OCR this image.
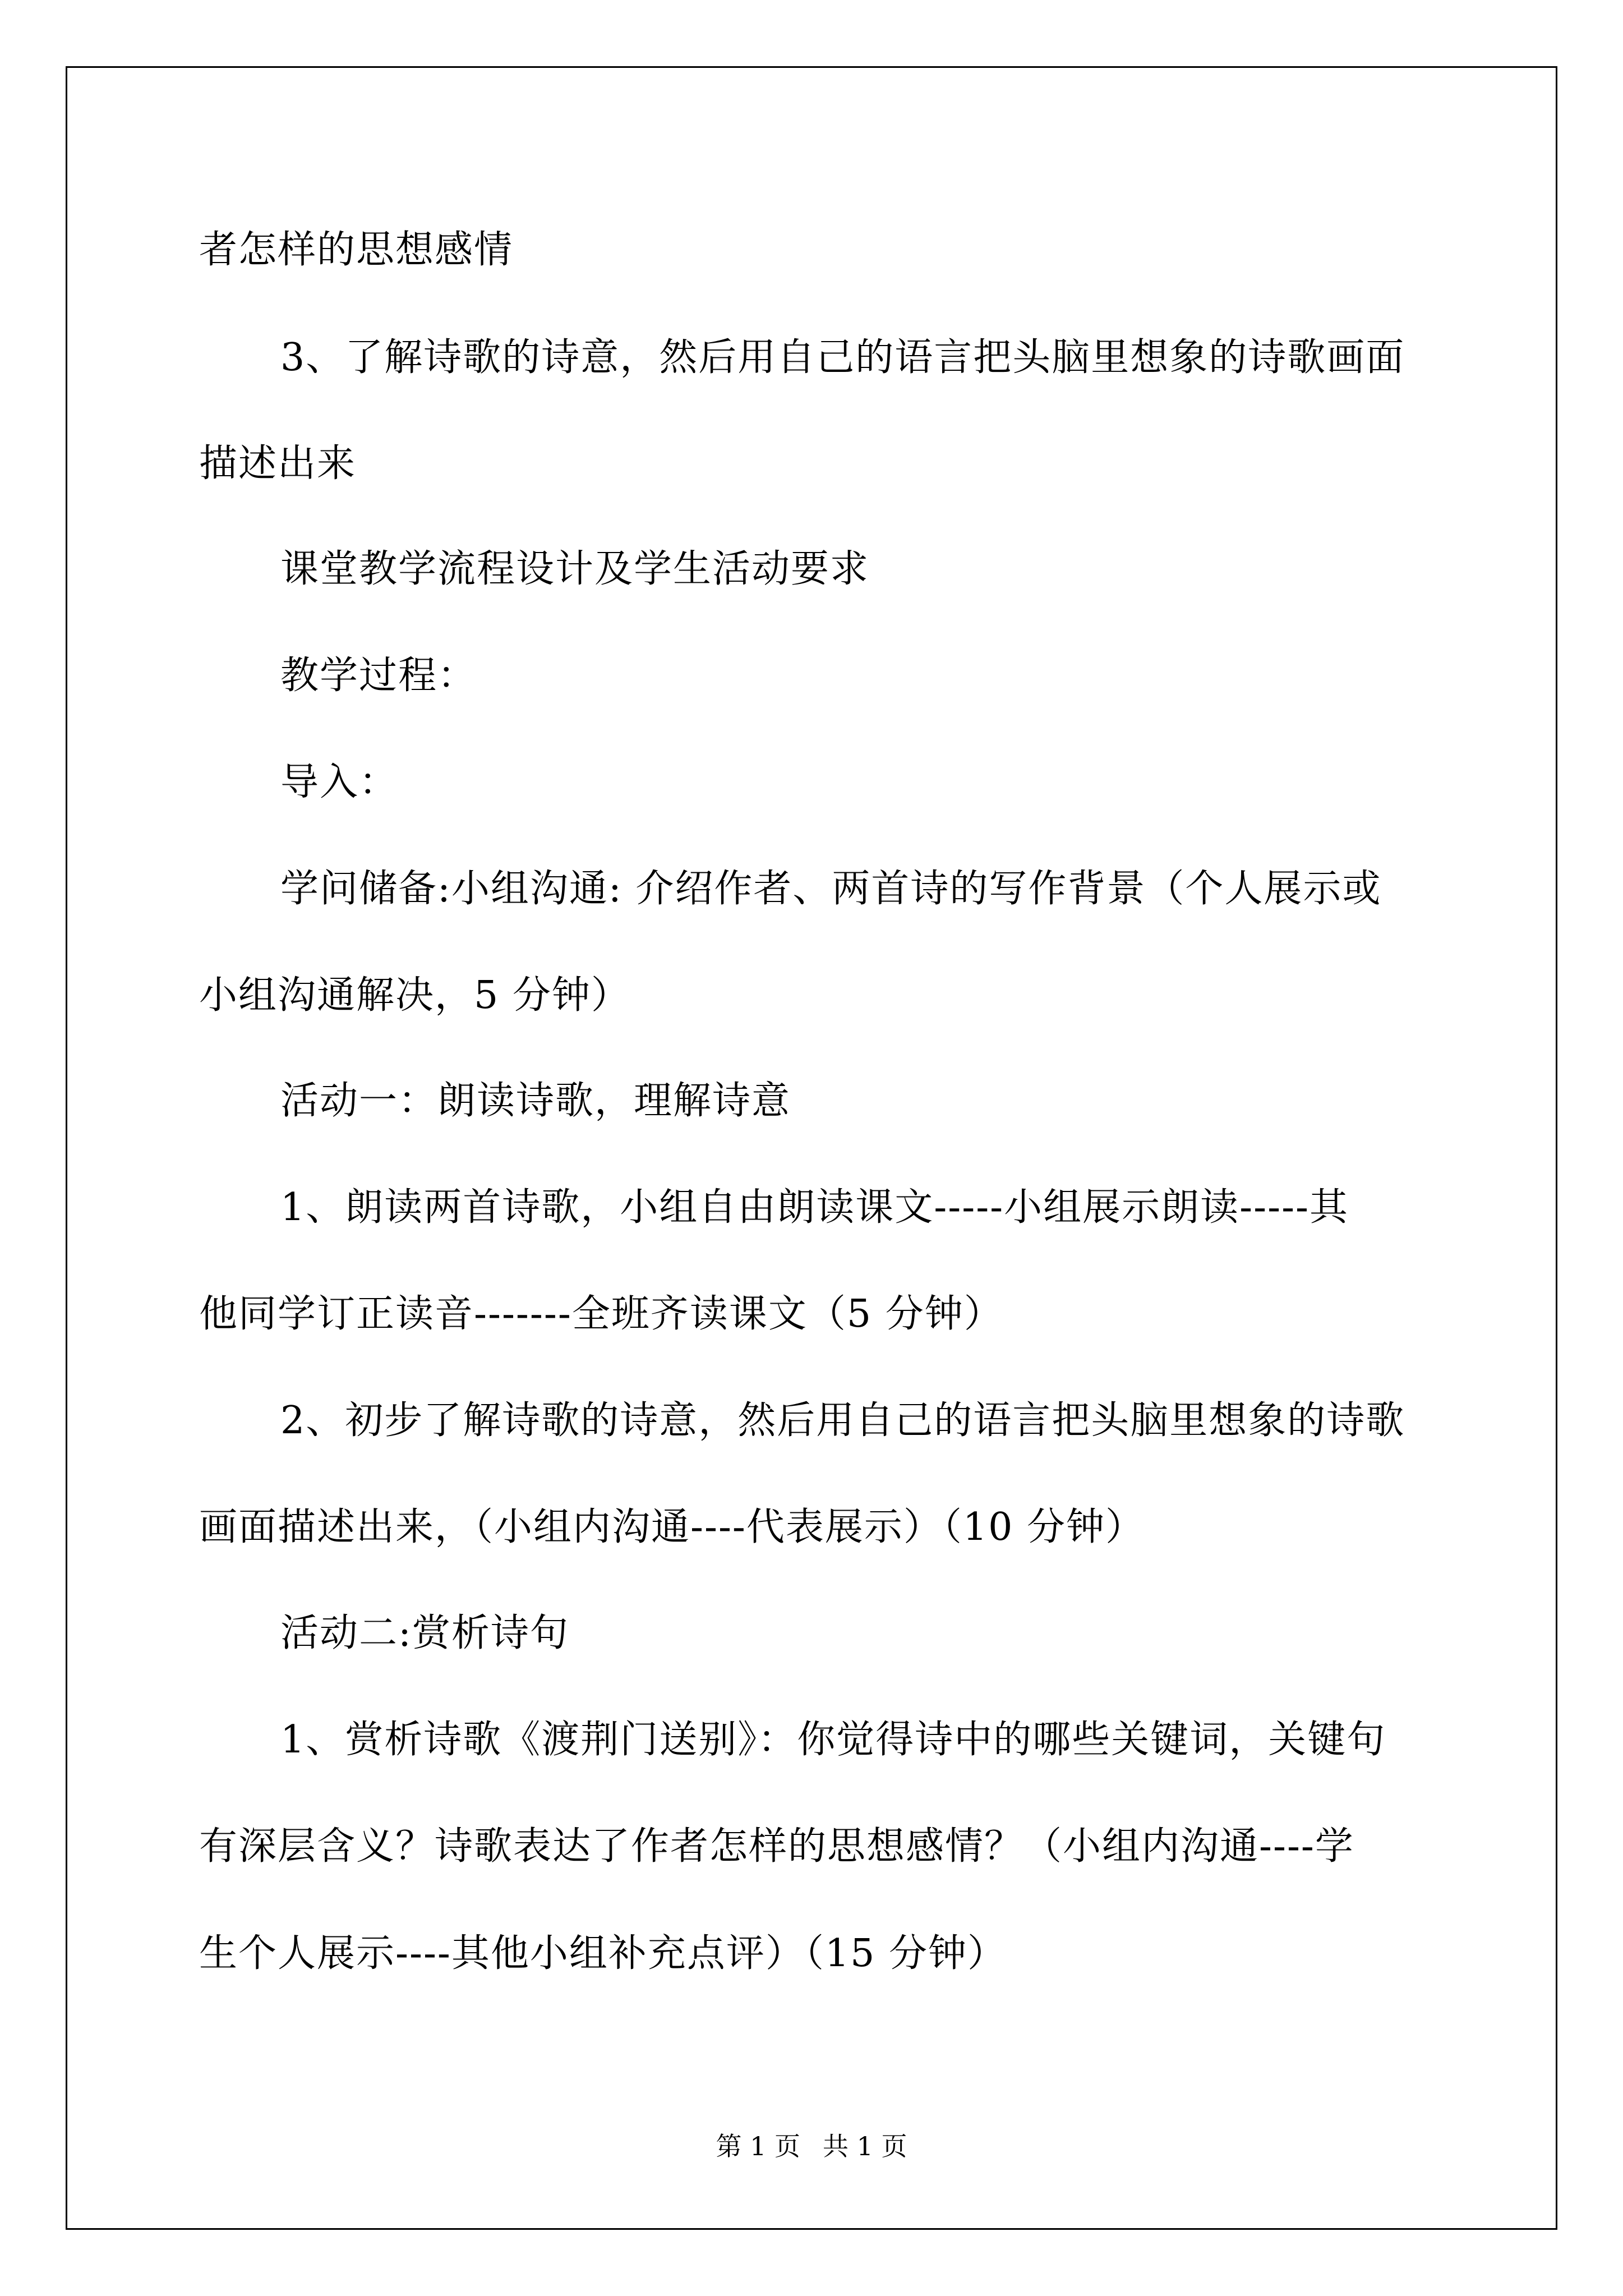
者怎样的思想感情
3、了解诗歌的诗意，然后用自己的语言把头脑里想象的诗歌画面
描述出来
课堂教学流程设计及学生活动要求
教学过程：
导入：
学问储备:小组沟通: 介绍作者、两首诗的写作背景（个人展示或
小组沟通解决，5 分钟）
活动一：朗读诗歌，理解诗意
1、朗读两首诗歌，小组自由朗读课文-----小组展示朗读-----其
他同学订正读音-------全班齐读课文（5 分钟）
2、初步了解诗歌的诗意，然后用自己的语言把头脑里想象的诗歌
画面描述出来，（小组内沟通----代表展示）（10 分钟）
活动二:赏析诗句
1、赏析诗歌《渡荆门送别》：你觉得诗中的哪些关键词，关键句
有深层含义？诗歌表达了作者怎样的思想感情？（小组内沟通----学
生个人展示----其他小组补充点评）（15 分钟）
第 1 页 共 1 页
